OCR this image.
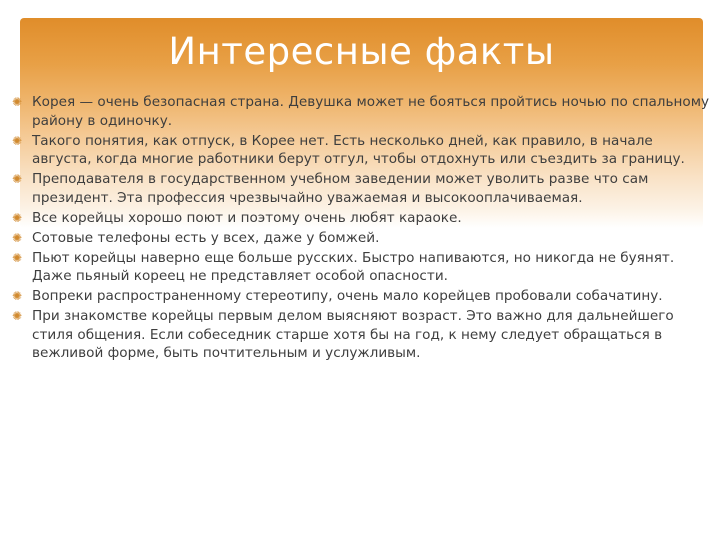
Интересные факты
✺ Корея — очень безопасная страна. Девушка может не бояться пройтись ночью по спальному району в одиночку.
✺ Такого понятия, как отпуск, в Корее нет. Есть несколько дней, как правило, в начале августа, когда многие работники берут отгул, чтобы отдохнуть или съездить за границу.
✺ Преподавателя в государственном учебном заведении может уволить разве что сам президент. Эта профессия чрезвычайно уважаемая и высокооплачиваемая.
✺ Все корейцы хорошо поют и поэтому очень любят караоке.
✺ Сотовые телефоны есть у всех, даже у бомжей.
✺ Пьют корейцы наверно еще больше русских. Быстро напиваются, но никогда не буянят. Даже пьяный кореец не представляет особой опасности.
✺ Вопреки распространенному стереотипу, очень мало корейцев пробовали собачатину.
✺ При знакомстве корейцы первым делом выясняют возраст. Это важно для дальнейшего стиля общения. Если собеседник старше хотя бы на год, к нему следует обращаться в вежливой форме, быть почтительным и услужливым.
